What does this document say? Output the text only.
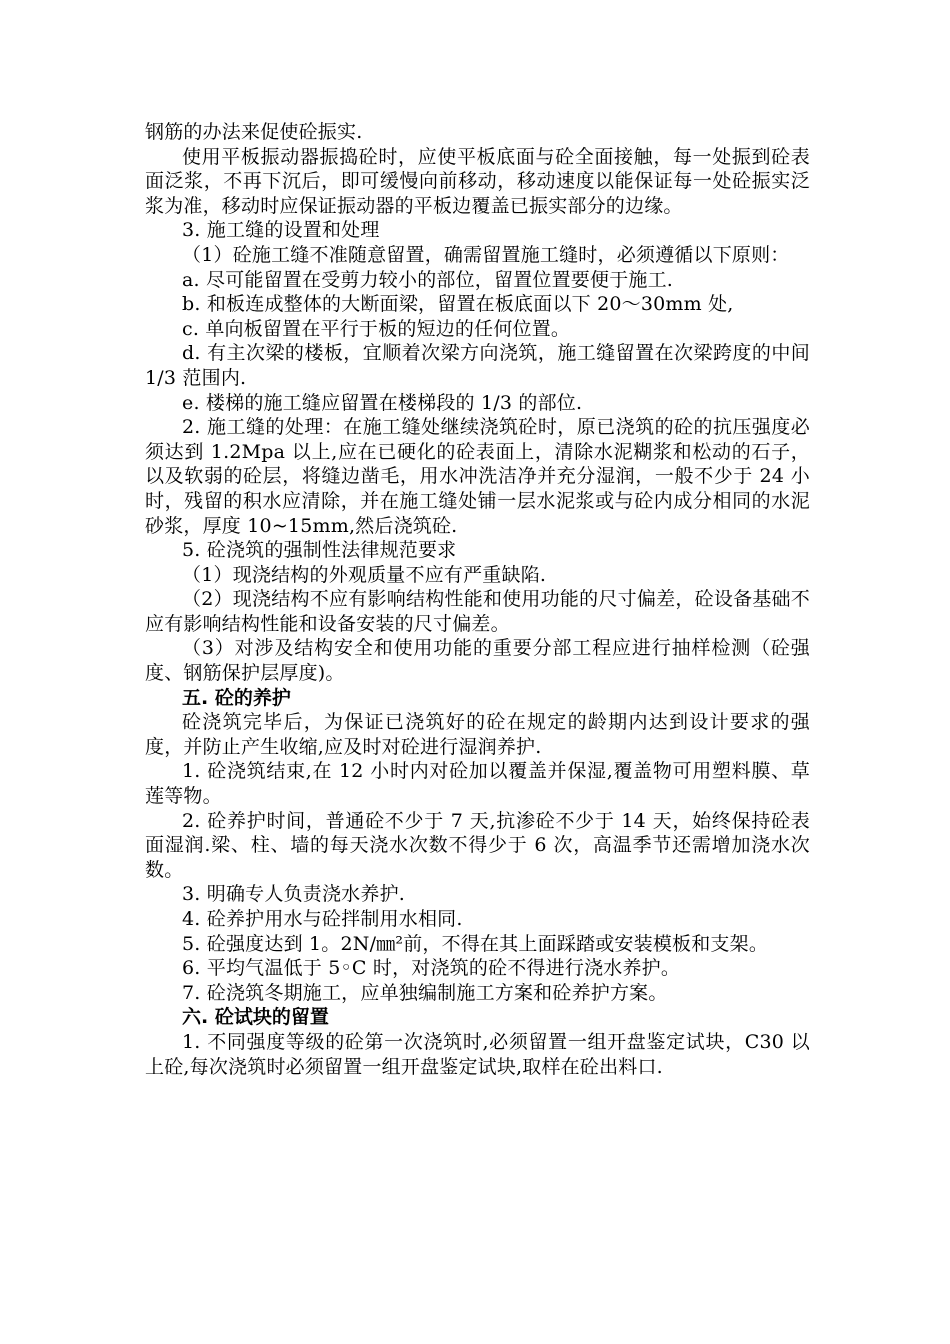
钢筋的办法来促使砼振实.

使用平板振动器振捣砼时，应使平板底面与砼全面接触，每一处振到砼表面泛浆，不再下沉后，即可缓慢向前移动，移动速度以能保证每一处砼振实泛浆为准，移动时应保证振动器的平板边覆盖已振实部分的边缘。

3. 施工缝的设置和处理

（1）砼施工缝不准随意留置，确需留置施工缝时，必须遵循以下原则：

a. 尽可能留置在受剪力较小的部位，留置位置要便于施工.

b. 和板连成整体的大断面梁，留置在板底面以下 20～30mm 处,

c. 单向板留置在平行于板的短边的任何位置。

d. 有主次梁的楼板，宜顺着次梁方向浇筑，施工缝留置在次梁跨度的中间 1/3 范围内.

e. 楼梯的施工缝应留置在楼梯段的 1/3 的部位.

2. 施工缝的处理：在施工缝处继续浇筑砼时，原已浇筑的砼的抗压强度必须达到 1.2Mpa 以上,应在已硬化的砼表面上，清除水泥糊浆和松动的石子，以及软弱的砼层，将缝边凿毛，用水冲洗洁净并充分湿润，一般不少于 24 小时，残留的积水应清除，并在施工缝处铺一层水泥浆或与砼内成分相同的水泥砂浆，厚度 10~15mm,然后浇筑砼.

5. 砼浇筑的强制性法律规范要求

（1）现浇结构的外观质量不应有严重缺陷.

（2）现浇结构不应有影响结构性能和使用功能的尺寸偏差，砼设备基础不应有影响结构性能和设备安装的尺寸偏差。

（3）对涉及结构安全和使用功能的重要分部工程应进行抽样检测（砼强度、钢筋保护层厚度)。

五. 砼的养护

砼浇筑完毕后，为保证已浇筑好的砼在规定的龄期内达到设计要求的强度，并防止产生收缩,应及时对砼进行湿润养护.

1. 砼浇筑结束,在 12 小时内对砼加以覆盖并保湿,覆盖物可用塑料膜、草莲等物。

2. 砼养护时间，普通砼不少于 7 天,抗渗砼不少于 14 天，始终保持砼表面湿润.梁、柱、墙的每天浇水次数不得少于 6 次，高温季节还需增加浇水次数。

3. 明确专人负责浇水养护.

4. 砼养护用水与砼拌制用水相同.

5. 砼强度达到 1。2N/㎜²前，不得在其上面踩踏或安装模板和支架。

6. 平均气温低于 5◦C 时，对浇筑的砼不得进行浇水养护。

7. 砼浇筑冬期施工，应单独编制施工方案和砼养护方案。

六. 砼试块的留置

1. 不同强度等级的砼第一次浇筑时,必须留置一组开盘鉴定试块，C30 以上砼,每次浇筑时必须留置一组开盘鉴定试块,取样在砼出料口.
